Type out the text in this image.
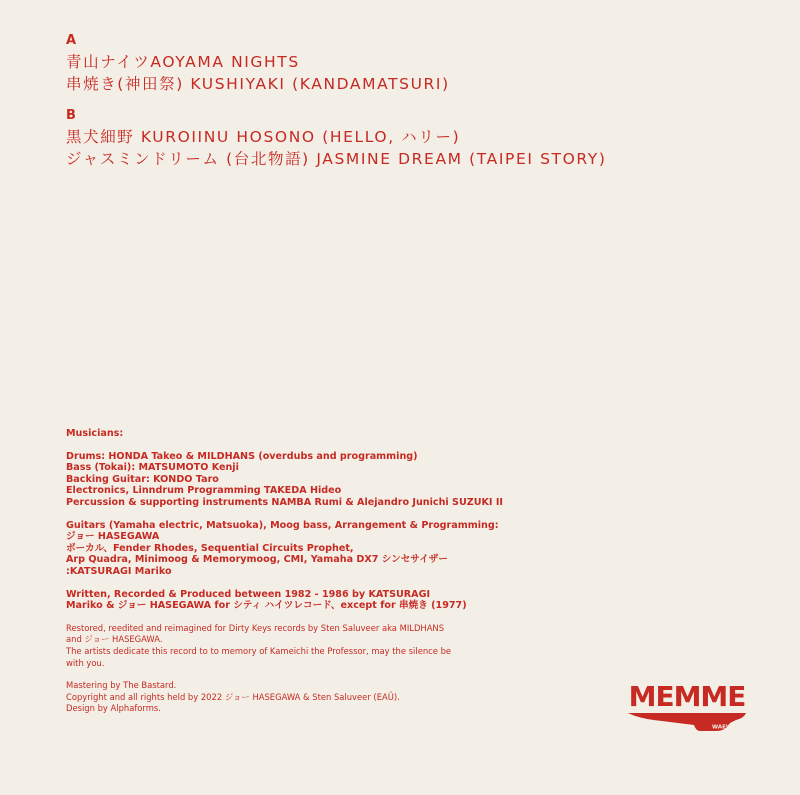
A
青山ナイツAOYAMA NIGHTS
串焼き(神田祭) KUSHIYAKI (KANDAMATSURI)
B
黒犬細野 KUROIINU HOSONO (HELLO, ハリー)
ジャスミンドリーム (台北物語) JASMINE DREAM (TAIPEI STORY)
Musicians:
Drums: HONDA Takeo & MILDHANS (overdubs and programming)
Bass (Tokai): MATSUMOTO Kenji
Backing Guitar: KONDO Taro
Electronics, Linndrum Programming TAKEDA Hideo
Percussion & supporting instruments NAMBA Rumi & Alejandro Junichi SUZUKI II
Guitars (Yamaha electric, Matsuoka), Moog bass, Arrangement & Programming:
ジョー HASEGAWA
ボーカル、Fender Rhodes, Sequential Circuits Prophet,
Arp Quadra, Minimoog & Memorymoog, CMI, Yamaha DX7 シンセサイザー
:KATSURAGI Mariko
Written, Recorded & Produced between 1982 - 1986 by KATSURAGI
Mariko & ジョー HASEGAWA for シティ ハイツレコード、except for 串焼き (1977)
Restored, reedited and reimagined for Dirty Keys records by Sten Saluveer aka MILDHANS
and ジョー HASEGAWA.
The artists dedicate this record to to memory of Kameichi the Professor, may the silence be
with you.
Mastering by The Bastard.
Copyright and all rights held by 2022 ジョー HASEGAWA & Sten Saluveer (EAÜ).
Design by Alphaforms.	MEMME
WAEW
